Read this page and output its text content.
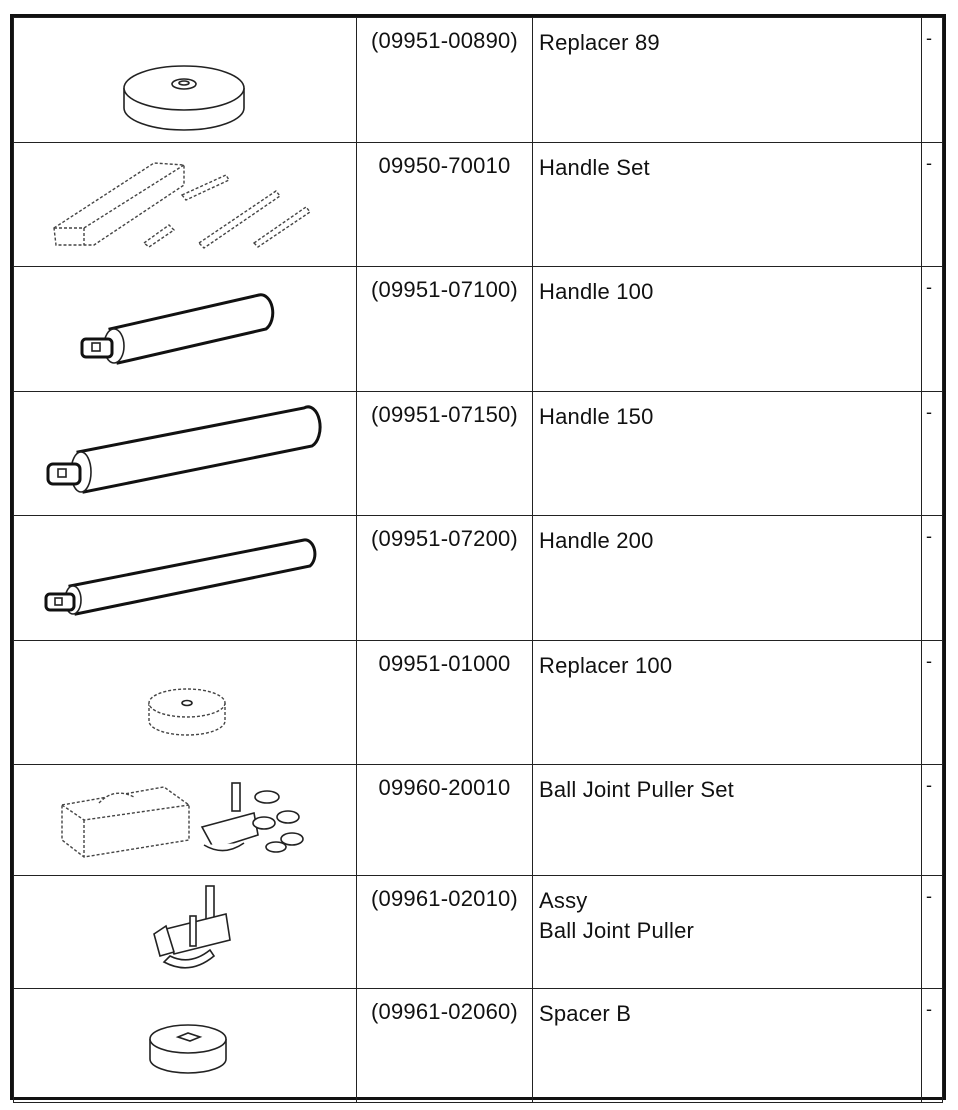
	(09951-00890)	Replacer 89	-

	09950-70010	Handle Set	-

	(09951-07100)	Handle 100	-

	(09951-07150)	Handle 150	-

	(09951-07200)	Handle 200	-

	09951-01000	Replacer 100	-

	09960-20010	Ball Joint Puller Set	-

	(09961-02010)	Assy
Ball Joint Puller	-

	(09961-02060)	Spacer B	-
